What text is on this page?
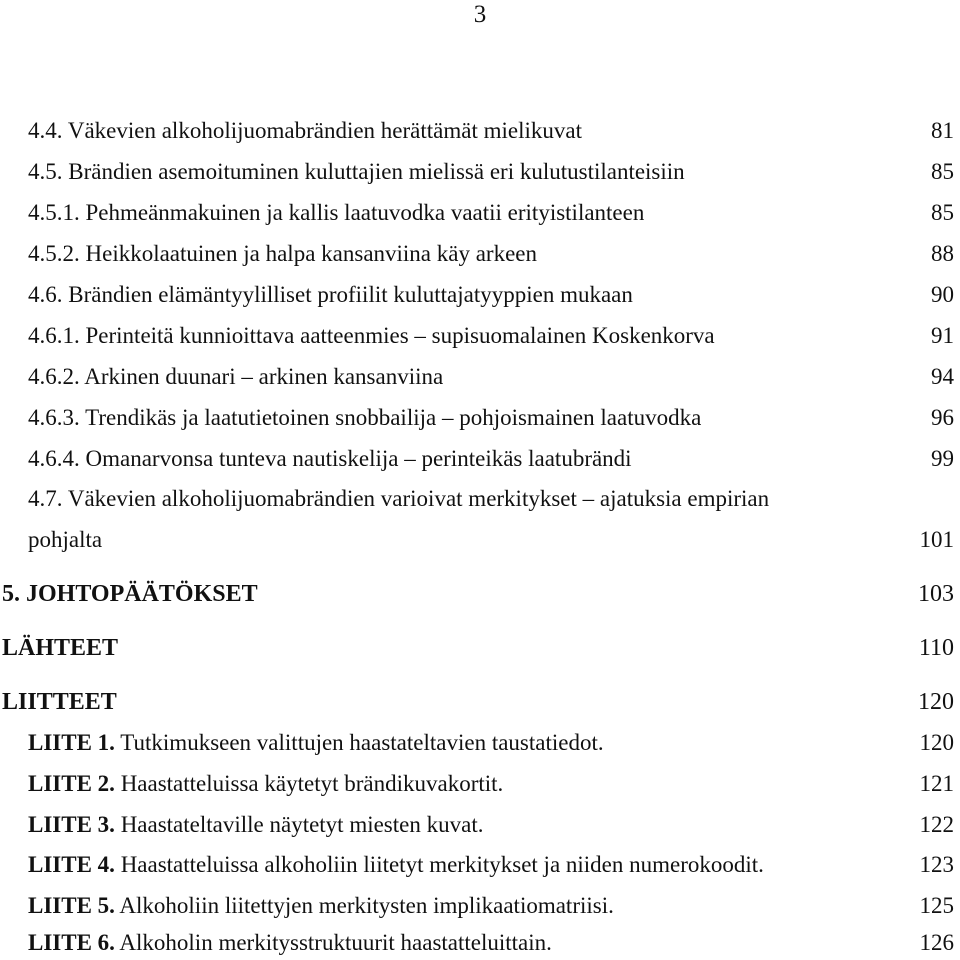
3
4.4. Väkevien alkoholijuomabrändien herättämät mielikuvat	81
4.5. Brändien asemoituminen kuluttajien mielissä eri kulutustilanteisiin	85
4.5.1. Pehmeänmakuinen ja kallis laatuvodka vaatii erityistilanteen	85
4.5.2. Heikkolaatuinen ja halpa kansanviina käy arkeen	88
4.6. Brändien elämäntyylilliset profiilit kuluttajatyyppien mukaan	90
4.6.1. Perinteitä kunnioittava aatteenmies – supisuomalainen Koskenkorva	91
4.6.2. Arkinen duunari – arkinen kansanviina	94
4.6.3. Trendikäs ja laatutietoinen snobbailija – pohjoismainen laatuvodka	96
4.6.4. Omanarvonsa tunteva nautiskelija – perinteikäs laatubrändi	99
4.7. Väkevien alkoholijuomabrändien varioivat merkitykset – ajatuksia empirian
pohjalta	101
5. JOHTOPÄÄTÖKSET	103
LÄHTEET	110
LIITTEET	120
LIITE 1. Tutkimukseen valittujen haastateltavien taustatiedot.	120
LIITE 2. Haastatteluissa käytetyt brändikuvakortit.	121
LIITE 3. Haastateltaville näytetyt miesten kuvat.	122
LIITE 4. Haastatteluissa alkoholiin liitetyt merkitykset ja niiden numerokoodit.	123
LIITE 5. Alkoholiin liitettyjen merkitysten implikaatiomatriisi.	125
LIITE 6. Alkoholin merkitysstruktuurit haastatteluittain.	126
